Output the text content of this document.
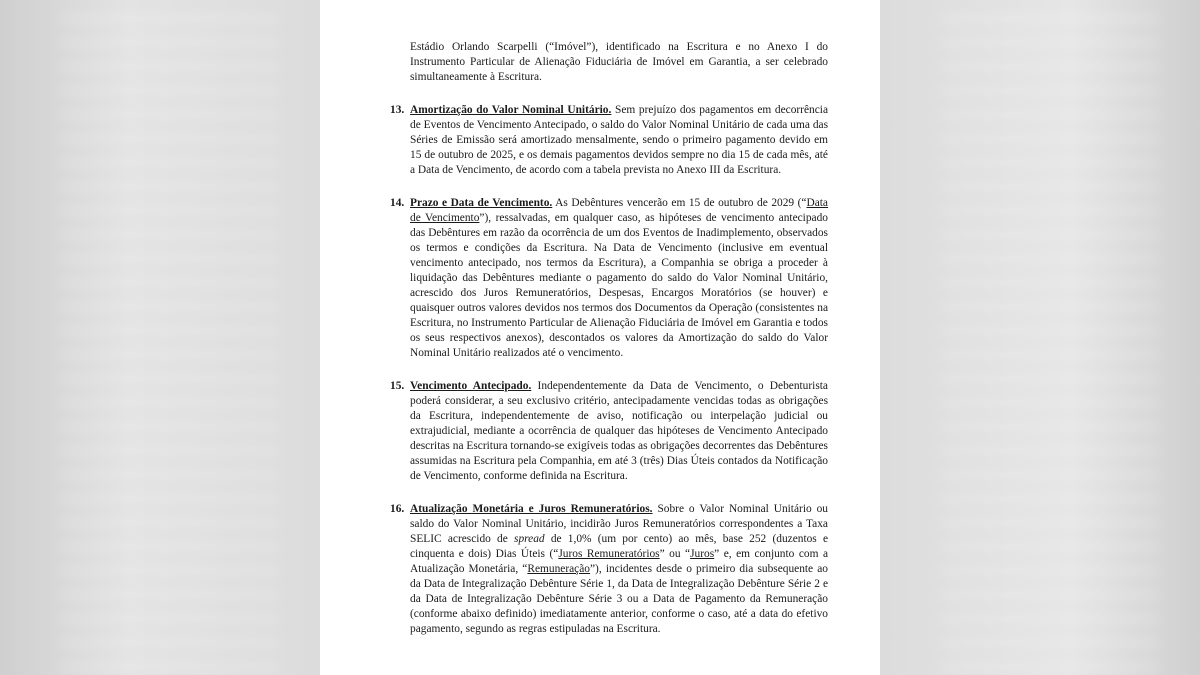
Estádio Orlando Scarpelli (“Imóvel”), identificado na Escritura e no Anexo I do Instrumento Particular de Alienação Fiduciária de Imóvel em Garantia, a ser celebrado simultaneamente à Escritura.

13. Amortização do Valor Nominal Unitário. Sem prejuízo dos pagamentos em decorrência de Eventos de Vencimento Antecipado, o saldo do Valor Nominal Unitário de cada uma das Séries de Emissão será amortizado mensalmente, sendo o primeiro pagamento devido em 15 de outubro de 2025, e os demais pagamentos devidos sempre no dia 15 de cada mês, até a Data de Vencimento, de acordo com a tabela prevista no Anexo III da Escritura.
14. Prazo e Data de Vencimento. As Debêntures vencerão em 15 de outubro de 2029 (“Data de Vencimento”), ressalvadas, em qualquer caso, as hipóteses de vencimento antecipado das Debêntures em razão da ocorrência de um dos Eventos de Inadimplemento, observados os termos e condições da Escritura. Na Data de Vencimento (inclusive em eventual vencimento antecipado, nos termos da Escritura), a Companhia se obriga a proceder à liquidação das Debêntures mediante o pagamento do saldo do Valor Nominal Unitário, acrescido dos Juros Remuneratórios, Despesas, Encargos Moratórios (se houver) e quaisquer outros valores devidos nos termos dos Documentos da Operação (consistentes na Escritura, no Instrumento Particular de Alienação Fiduciária de Imóvel em Garantia e todos os seus respectivos anexos), descontados os valores da Amortização do saldo do Valor Nominal Unitário realizados até o vencimento.
15. Vencimento Antecipado. Independentemente da Data de Vencimento, o Debenturista poderá considerar, a seu exclusivo critério, antecipadamente vencidas todas as obrigações da Escritura, independentemente de aviso, notificação ou interpelação judicial ou extrajudicial, mediante a ocorrência de qualquer das hipóteses de Vencimento Antecipado descritas na Escritura tornando-se exigíveis todas as obrigações decorrentes das Debêntures assumidas na Escritura pela Companhia, em até 3 (três) Dias Úteis contados da Notificação de Vencimento, conforme definida na Escritura.
16. Atualização Monetária e Juros Remuneratórios. Sobre o Valor Nominal Unitário ou saldo do Valor Nominal Unitário, incidirão Juros Remuneratórios correspondentes a Taxa SELIC acrescido de spread de 1,0% (um por cento) ao mês, base 252 (duzentos e cinquenta e dois) Dias Úteis (“Juros Remuneratórios” ou “Juros” e, em conjunto com a Atualização Monetária, “Remuneração”), incidentes desde o primeiro dia subsequente ao da Data de Integralização Debênture Série 1, da Data de Integralização Debênture Série 2 e da Data de Integralização Debênture Série 3 ou a Data de Pagamento da Remuneração (conforme abaixo definido) imediatamente anterior, conforme o caso, até a data do efetivo pagamento, segundo as regras estipuladas na Escritura.
